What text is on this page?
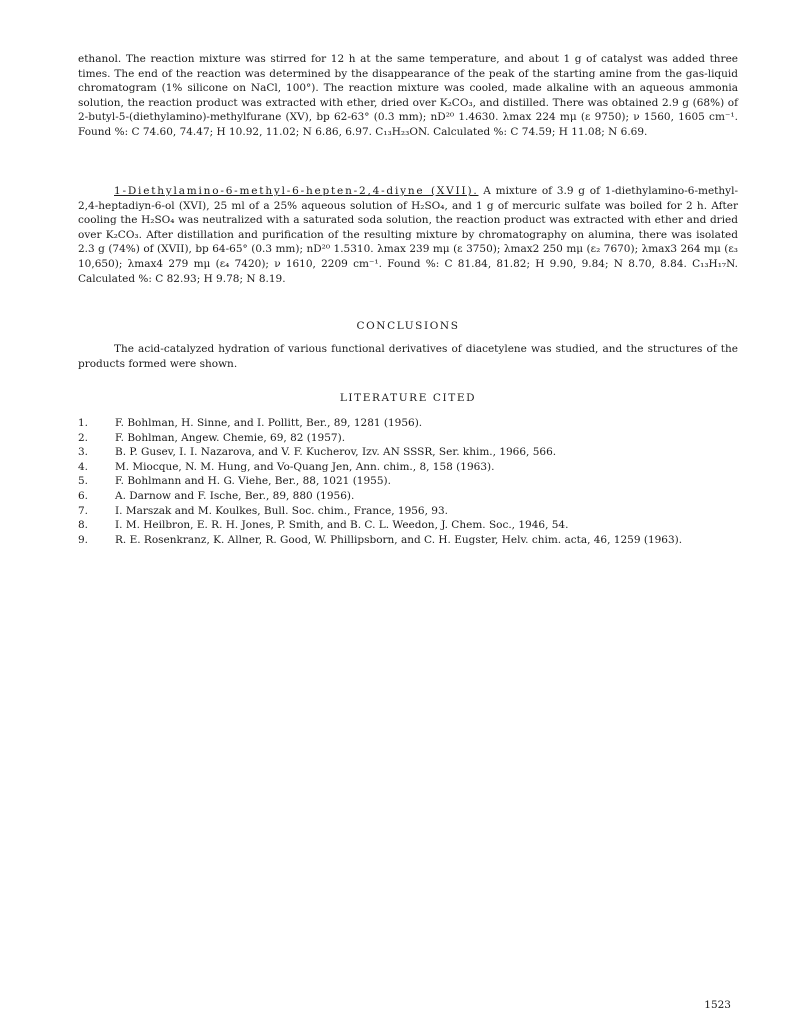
ethanol. The reaction mixture was stirred for 12 h at the same temperature, and about 1 g of catalyst was added three times. The end of the reaction was determined by the disappearance of the peak of the starting amine from the gas-liquid chromatogram (1% silicone on NaCl, 100°). The reaction mixture was cooled, made alkaline with an aqueous ammonia solution, the reaction product was extracted with ether, dried over K₂CO₃, and distilled. There was obtained 2.9 g (68%) of 2-butyl-5-(diethylamino)-methylfurane (XV), bp 62-63° (0.3 mm); nD²⁰ 1.4630. λmax 224 mμ (ε 9750); ν 1560, 1605 cm⁻¹. Found %: C 74.60, 74.47; H 10.92, 11.02; N 6.86, 6.97. C₁₃H₂₃ON. Calculated %: C 74.59; H 11.08; N 6.69.

1-Diethylamino-6-methyl-6-hepten-2,4-diyne (XVII). A mixture of 3.9 g of 1-diethylamino-6-methyl-2,4-heptadiyn-6-ol (XVI), 25 ml of a 25% aqueous solution of H₂SO₄, and 1 g of mercuric sulfate was boiled for 2 h. After cooling the H₂SO₄ was neutralized with a saturated soda solution, the reaction product was extracted with ether and dried over K₂CO₃. After distillation and purification of the resulting mixture by chromatography on alumina, there was isolated 2.3 g (74%) of (XVII), bp 64-65° (0.3 mm); nD²⁰ 1.5310. λmax 239 mμ (ε 3750); λmax2 250 mμ (ε₂ 7670); λmax3 264 mμ (ε₃ 10,650); λmax4 279 mμ (ε₄ 7420); ν 1610, 2209 cm⁻¹. Found %: C 81.84, 81.82; H 9.90, 9.84; N 8.70, 8.84. C₁₃H₁₇N. Calculated %: C 82.93; H 9.78; N 8.19.

CONCLUSIONS

The acid-catalyzed hydration of various functional derivatives of diacetylene was studied, and the structures of the products formed were shown.

LITERATURE CITED
1.	F. Bohlman, H. Sinne, and I. Pollitt, Ber., 89, 1281 (1956).
2.	F. Bohlman, Angew. Chemie, 69, 82 (1957).
3.	B. P. Gusev, I. I. Nazarova, and V. F. Kucherov, Izv. AN SSSR, Ser. khim., 1966, 566.
4.	M. Miocque, N. M. Hung, and Vo-Quang Jen, Ann. chim., 8, 158 (1963).
5.	F. Bohlmann and H. G. Viehe, Ber., 88, 1021 (1955).
6.	A. Darnow and F. Ische, Ber., 89, 880 (1956).
7.	I. Marszak and M. Koulkes, Bull. Soc. chim., France, 1956, 93.
8.	I. M. Heilbron, E. R. H. Jones, P. Smith, and B. C. L. Weedon, J. Chem. Soc., 1946, 54.
9.	R. E. Rosenkranz, K. Allner, R. Good, W. Phillipsborn, and C. H. Eugster, Helv. chim. acta, 46, 1259 (1963).
1523
